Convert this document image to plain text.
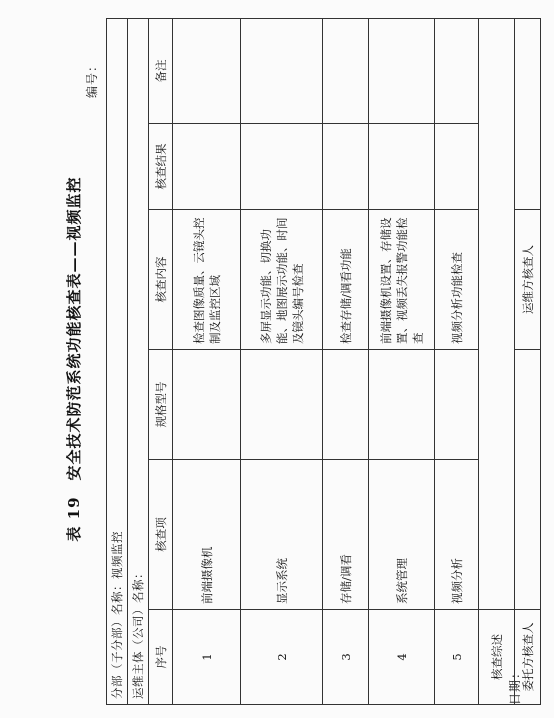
表 19　安全技术防范系统功能核查表——视频监控
编号：
日期：
分部（子分部）名称：视频监控					
运维主体（公司）名称：					
序号	核查项	规格型号	核查内容	核查结果	备注
1	前端摄像机		检查图像质量、云镜头控制及监控区域		
2	显示系统		多屏显示功能、切换功能、地图展示功能、时间及镜头编号检查		
3	存储/调看		检查存储/调看功能		
4	系统管理		前端摄像机设置、存储设置、视频丢失报警功能检查		
5	视频分析		视频分析功能检查		
核查综述					
委托方核查人			运维方核查人		
